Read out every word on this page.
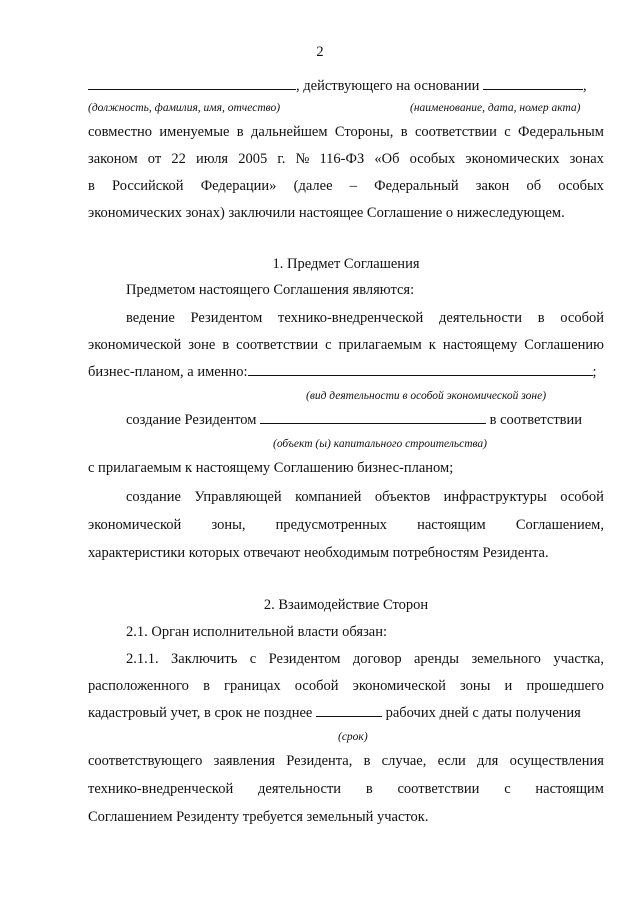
2
, действующего на основании	,
(должность, фамилия, имя, отчество)	(наименование, дата, номер акта)
совместно именуемые в дальнейшем Стороны, в соответствии с Федеральным
законом от 22 июля 2005 г. № 116-ФЗ «Об особых экономических зонах
в Российской Федерации» (далее – Федеральный закон об особых
экономических зонах) заключили настоящее Соглашение о нижеследующем.
1. Предмет Соглашения
Предметом настоящего Соглашения являются:
ведение Резидентом технико-внедренческой деятельности в особой
экономической зоне в соответствии с прилагаемым к настоящему Соглашению
бизнес-планом, а именно:	;
(вид деятельности в особой экономической зоне)
создание Резидентом	в соответствии
(объект (ы) капитального строительства)
с прилагаемым к настоящему Соглашению бизнес-планом;
создание Управляющей компанией объектов инфраструктуры особой
экономической зоны, предусмотренных настоящим Соглашением,
характеристики которых отвечают необходимым потребностям Резидента.
2. Взаимодействие Сторон
2.1. Орган исполнительной власти обязан:
2.1.1. Заключить с Резидентом договор аренды земельного участка,
расположенного в границах особой экономической зоны и прошедшего
кадастровый учет, в срок не позднее	рабочих дней с даты получения
(срок)
соответствующего заявления Резидента, в случае, если для осуществления
технико-внедренческой деятельности в соответствии с настоящим
Соглашением Резиденту требуется земельный участок.
